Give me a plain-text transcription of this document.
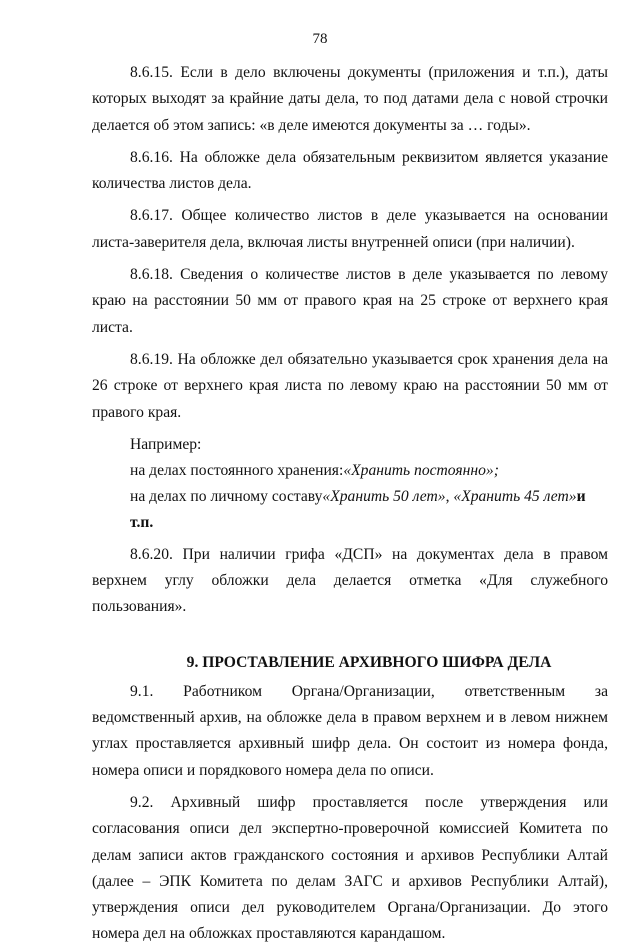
78

8.6.15. Если в дело включены документы (приложения и т.п.), даты которых выходят за крайние даты дела, то под датами дела с новой строчки делается об этом запись: «в деле имеются документы за … годы».

8.6.16. На обложке дела обязательным реквизитом является указание количества листов дела.

8.6.17. Общее количество листов в деле указывается на основании листа-заверителя дела, включая листы внутренней описи (при наличии).

8.6.18. Сведения о количестве листов в деле указывается по левому краю на расстоянии 50 мм от правого края на 25 строке от верхнего края листа.

8.6.19. На обложке дел обязательно указывается срок хранения дела на 26 строке от верхнего края листа по левому краю на расстоянии 50 мм от правого края.

Например:

на делах постоянного хранения:«Хранить постоянно»;

на делах по личному составу«Хранить 50 лет», «Хранить 45 лет»и т.п.

8.6.20. При наличии грифа «ДСП» на документах дела в правом верхнем углу обложки дела делается отметка «Для служебного пользования».

9. ПРОСТАВЛЕНИЕ АРХИВНОГО ШИФРА ДЕЛА

9.1. Работником Органа/Организации, ответственным за ведомственный архив, на обложке дела в правом верхнем и в левом нижнем углах проставляется архивный шифр дела. Он состоит из номера фонда, номера описи и порядкового номера дела по описи.

9.2. Архивный шифр проставляется после утверждения или согласования описи дел экспертно-проверочной комиссией Комитета по делам записи актов гражданского состояния и архивов Республики Алтай (далее – ЭПК Комитета по делам ЗАГС и архивов Республики Алтай), утверждения описи дел руководителем Органа/Организации. До этого номера дел на обложках проставляются карандашом.
